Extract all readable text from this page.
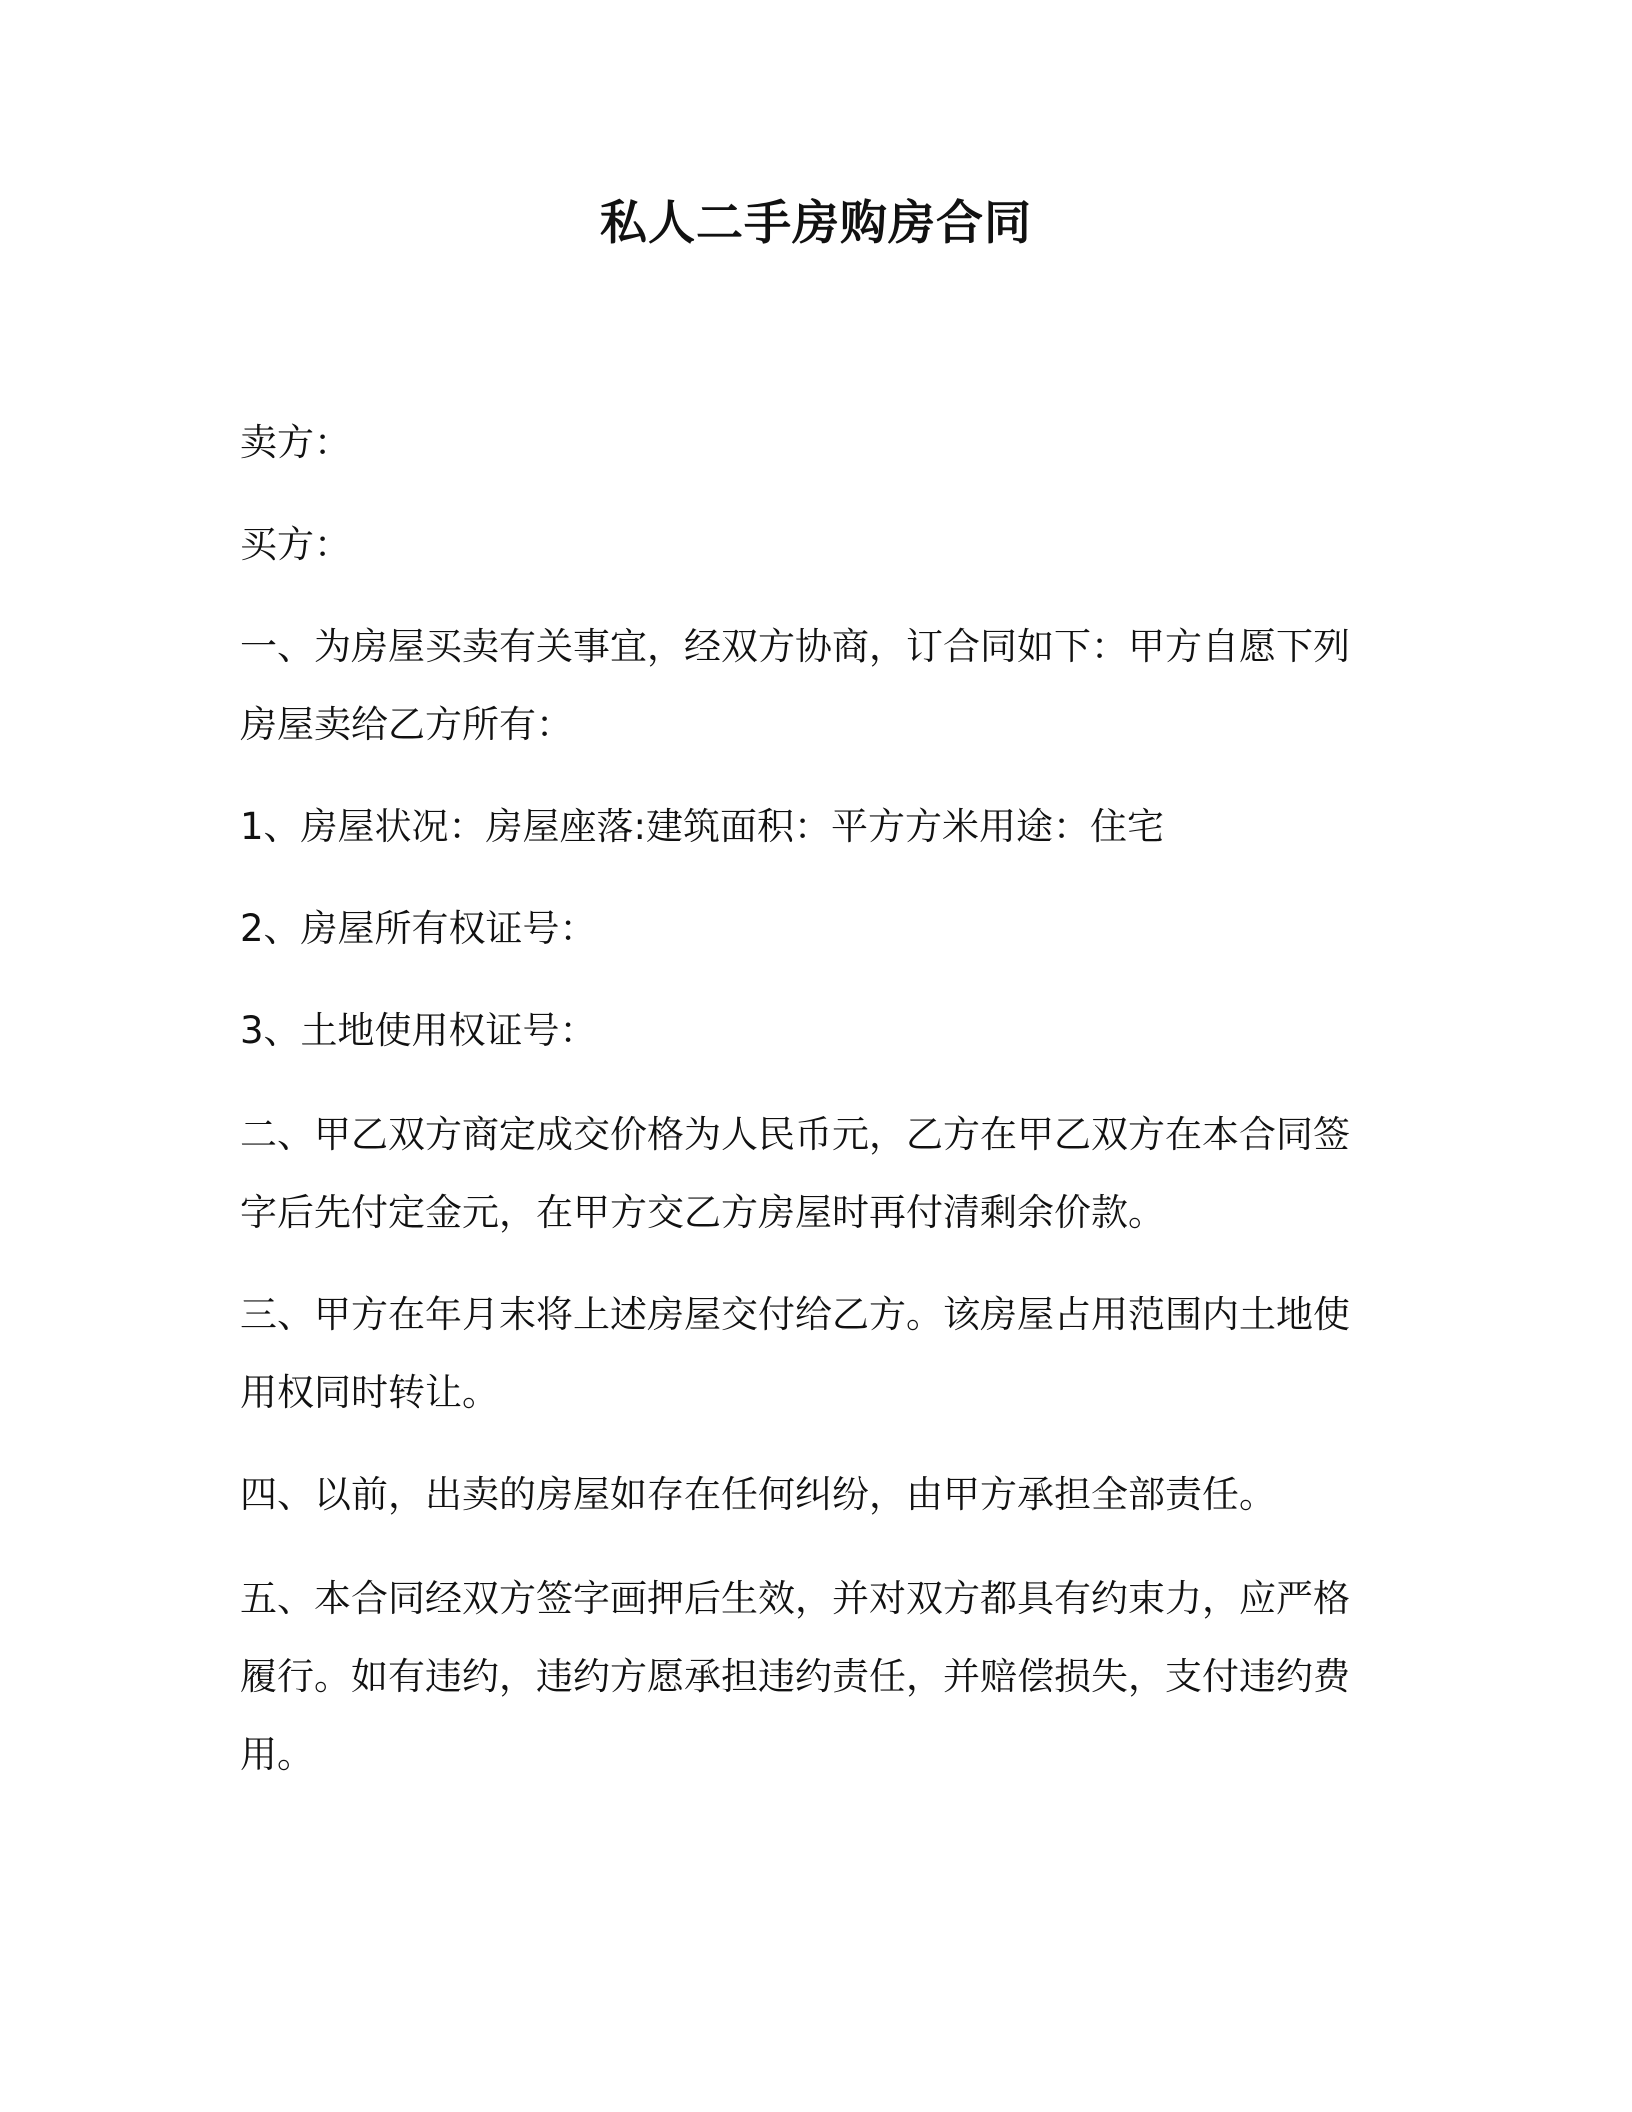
私人二手房购房合同

卖方：

买方：

一、为房屋买卖有关事宜，经双方协商，订合同如下：甲方自愿下列
房屋卖给乙方所有：

1、房屋状况：房屋座落:建筑面积：平方方米用途：住宅

2、房屋所有权证号：

3、土地使用权证号：

二、甲乙双方商定成交价格为人民币元，乙方在甲乙双方在本合同签
字后先付定金元，在甲方交乙方房屋时再付清剩余价款。
三、甲方在年月末将上述房屋交付给乙方。该房屋占用范围内土地使
用权同时转让。

四、以前，出卖的房屋如存在任何纠纷，由甲方承担全部责任。

五、本合同经双方签字画押后生效，并对双方都具有约束力，应严格
履行。如有违约，违约方愿承担违约责任，并赔偿损失，支付违约费
用。
